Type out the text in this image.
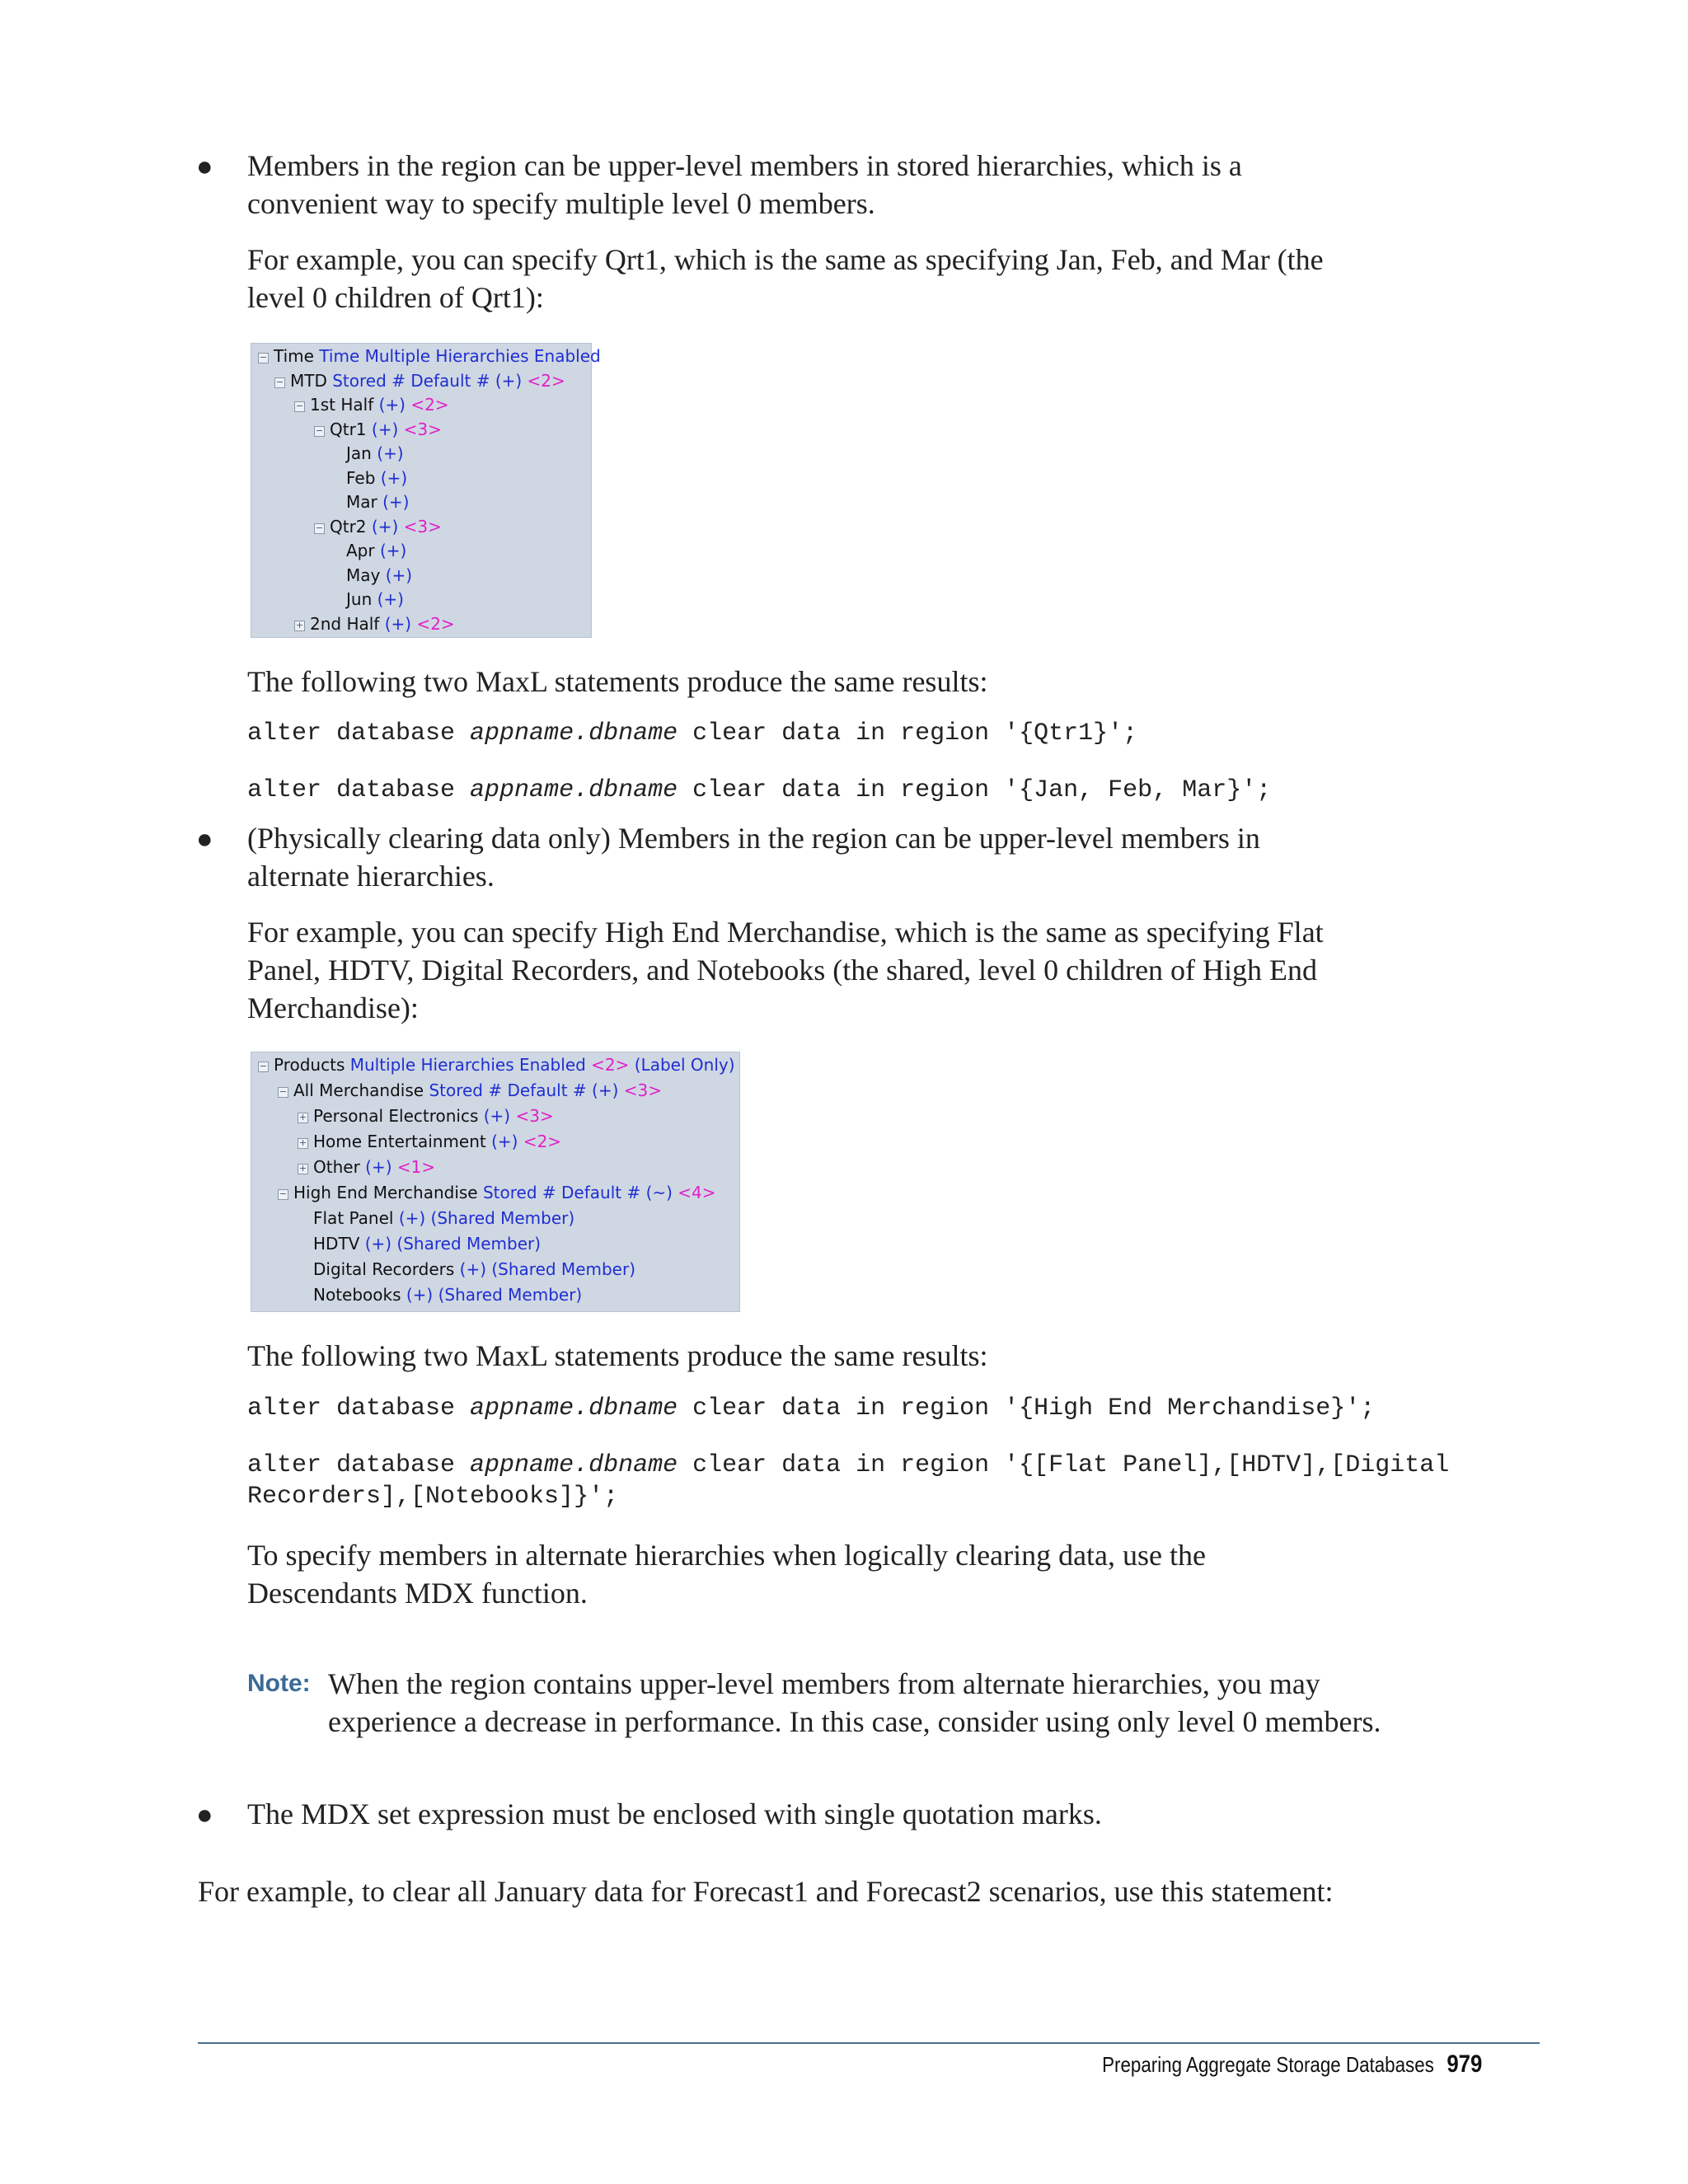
● Members in the region can be upper-level members in stored hierarchies, which is a convenient way to specify multiple level 0 members.

For example, you can specify Qrt1, which is the same as specifying Jan, Feb, and Mar (the level 0 children of Qrt1):

− Time Time Multiple Hierarchies Enabled
− MTD Stored # Default # (+) <2>
− 1st Half (+) <2>
− Qtr1 (+) <3>
Jan (+)
Feb (+)
Mar (+)
− Qtr2 (+) <3>
Apr (+)
May (+)
Jun (+)
+ 2nd Half (+) <2>

The following two MaxL statements produce the same results:

alter database appname.dbname clear data in region '{Qtr1}';

alter database appname.dbname clear data in region '{Jan, Feb, Mar}';

● (Physically clearing data only) Members in the region can be upper-level members in alternate hierarchies.

For example, you can specify High End Merchandise, which is the same as specifying Flat Panel, HDTV, Digital Recorders, and Notebooks (the shared, level 0 children of High End Merchandise):

− Products Multiple Hierarchies Enabled <2> (Label Only)
− All Merchandise Stored # Default # (+) <3>
+ Personal Electronics (+) <3>
+ Home Entertainment (+) <2>
+ Other (+) <1>
− High End Merchandise Stored # Default # (~) <4>
Flat Panel (+) (Shared Member)
HDTV (+) (Shared Member)
Digital Recorders (+) (Shared Member)
Notebooks (+) (Shared Member)

The following two MaxL statements produce the same results:

alter database appname.dbname clear data in region '{High End Merchandise}';

alter database appname.dbname clear data in region '{[Flat Panel],[HDTV],[Digital Recorders],[Notebooks]}';

To specify members in alternate hierarchies when logically clearing data, use the Descendants MDX function.

Note: When the region contains upper-level members from alternate hierarchies, you may experience a decrease in performance. In this case, consider using only level 0 members.

● The MDX set expression must be enclosed with single quotation marks.

For example, to clear all January data for Forecast1 and Forecast2 scenarios, use this statement:

Preparing Aggregate Storage Databases 979
